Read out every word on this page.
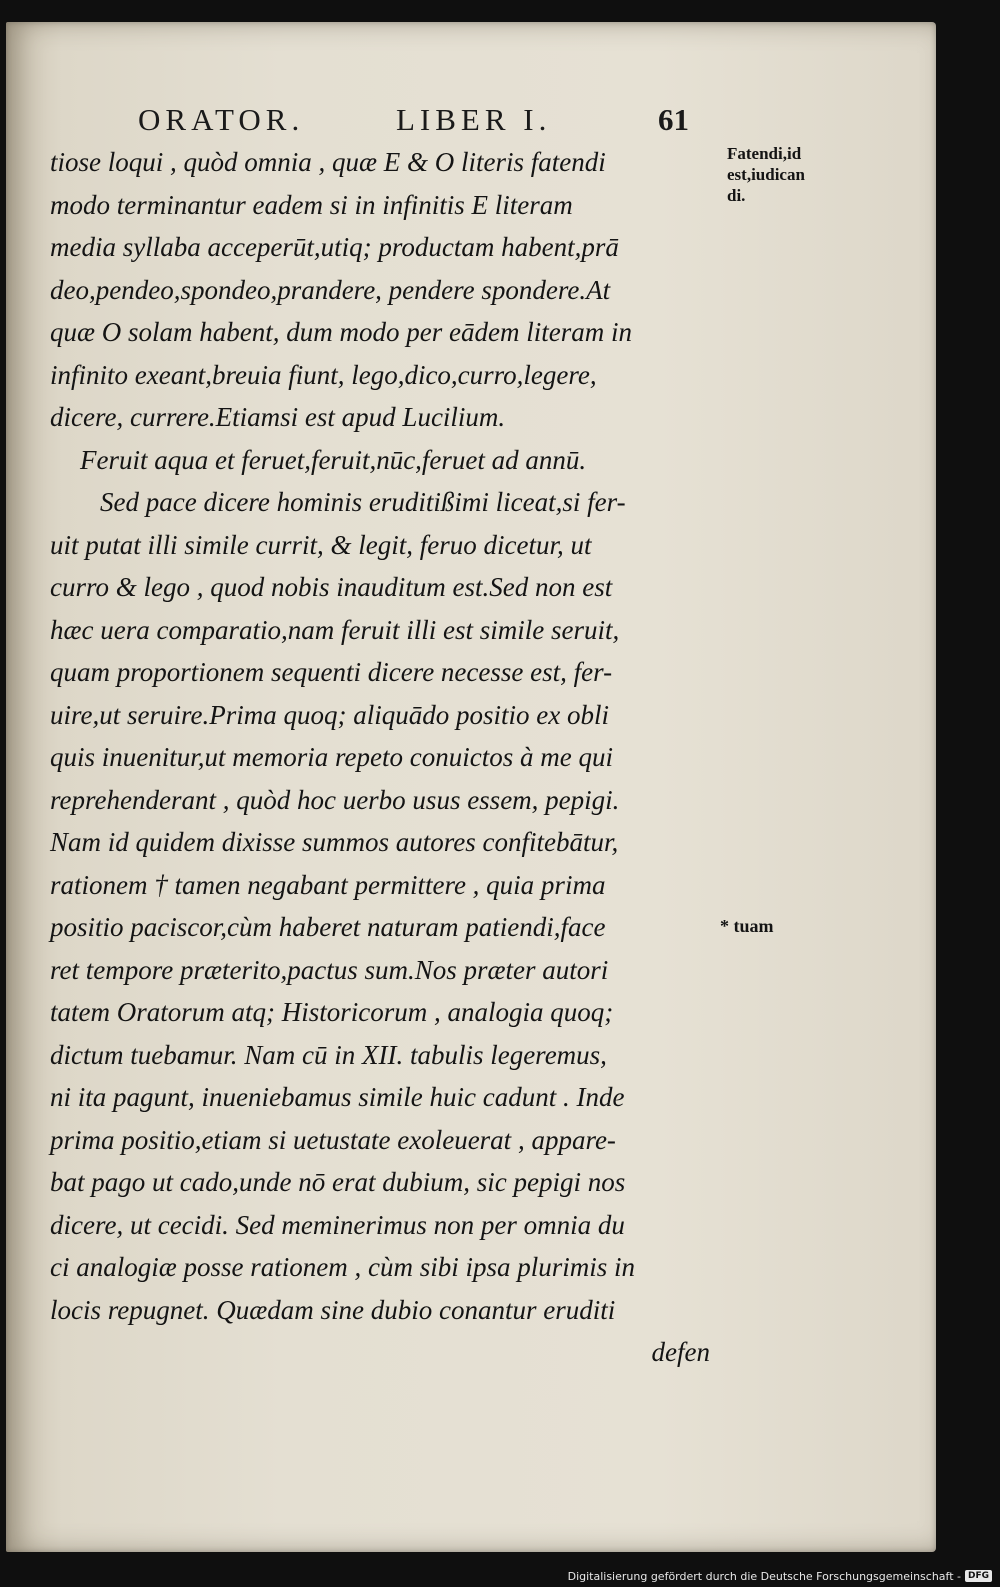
ORATOR.	LIBER I.	61
Fatendi,id
est,iudican
di.
* tuam
tiose loqui , quòd omnia , quæ E & O literis fatendi
modo terminantur eadem si in infinitis E literam
media syllaba acceperūt,utiq; productam habent,prā
deo,pendeo,spondeo,prandere, pendere spondere.At
quæ O solam habent, dum modo per eādem literam in
infinito exeant,breuia fiunt, lego,dico,curro,legere,
dicere, currere.Etiamsi est apud Lucilium.
Feruit aqua et feruet,feruit,nūc,feruet ad annū.
Sed pace dicere hominis eruditißimi liceat,si fer-
uit putat illi simile currit, & legit, feruo dicetur, ut
curro & lego , quod nobis inauditum est.Sed non est
hæc uera comparatio,nam feruit illi est simile seruit,
quam proportionem sequenti dicere necesse est, fer-
uire,ut seruire.Prima quoq; aliquādo positio ex obli
quis inuenitur,ut memoria repeto conuictos à me qui
reprehenderant , quòd hoc uerbo usus essem, pepigi.
Nam id quidem dixisse summos autores confitebātur,
rationem † tamen negabant permittere , quia prima
positio paciscor,cùm haberet naturam patiendi,face
ret tempore præterito,pactus sum.Nos præter autori
tatem Oratorum atq; Historicorum , analogia quoq;
dictum tuebamur. Nam cū in XII. tabulis legeremus,
ni ita pagunt, inueniebamus simile huic cadunt . Inde
prima positio,etiam si uetustate exoleuerat , appare-
bat pago ut cado,unde nō erat dubium, sic pepigi nos
dicere, ut cecidi. Sed meminerimus non per omnia du
ci analogiæ posse rationem , cùm sibi ipsa plurimis in
locis repugnet. Quædam sine dubio conantur eruditi
defen
Digitalisierung gefördert durch die Deutsche Forschungsgemeinschaft - DFG
